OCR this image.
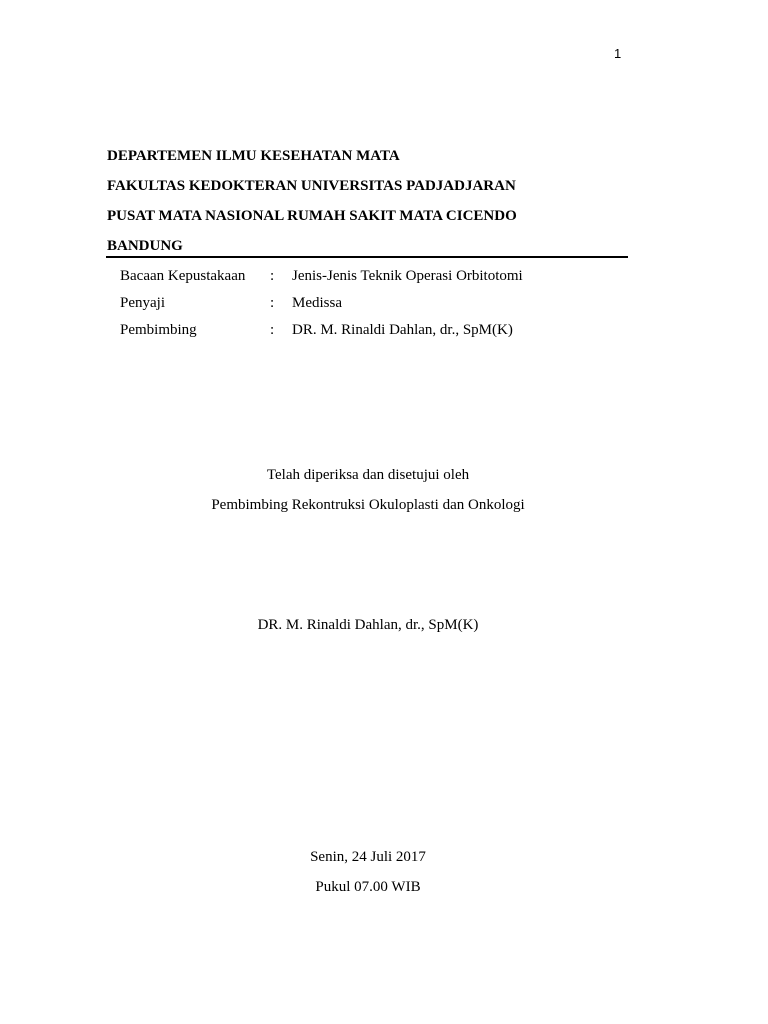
1
DEPARTEMEN ILMU KESEHATAN MATA
FAKULTAS KEDOKTERAN UNIVERSITAS PADJADJARAN
PUSAT MATA NASIONAL RUMAH SAKIT MATA CICENDO
BANDUNG
Bacaan Kepustakaan	:	Jenis-Jenis Teknik Operasi Orbitotomi
Penyaji	:	Medissa
Pembimbing	:	DR. M. Rinaldi Dahlan, dr., SpM(K)
Telah diperiksa dan disetujui oleh
Pembimbing Rekontruksi Okuloplasti dan Onkologi
DR. M. Rinaldi Dahlan, dr., SpM(K)
Senin, 24 Juli 2017
Pukul 07.00 WIB
